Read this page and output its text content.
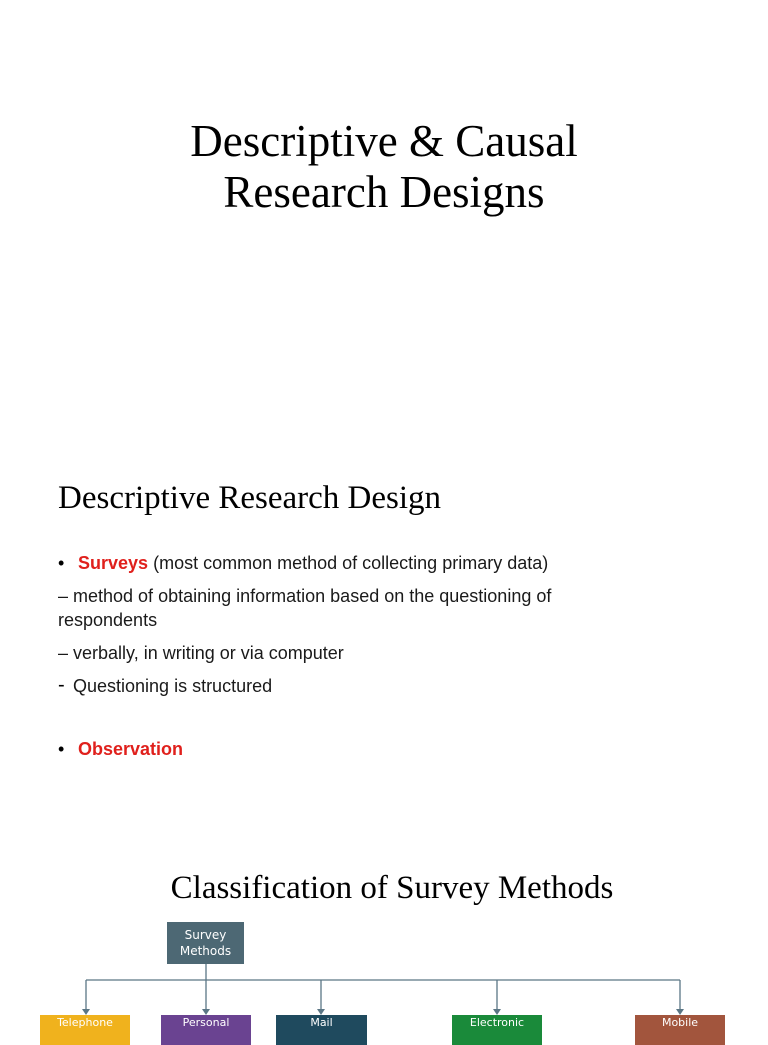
Descriptive & Causal
Research Designs
Descriptive Research Design
• Surveys (most common method of collecting primary data)
– method of obtaining information based on the questioning of
respondents
– verbally, in writing or via computer
- Questioning is structured
• Observation
Classification of Survey Methods
Survey
Methods
Telephone	Personal	Mail	Electronic	Mobile
